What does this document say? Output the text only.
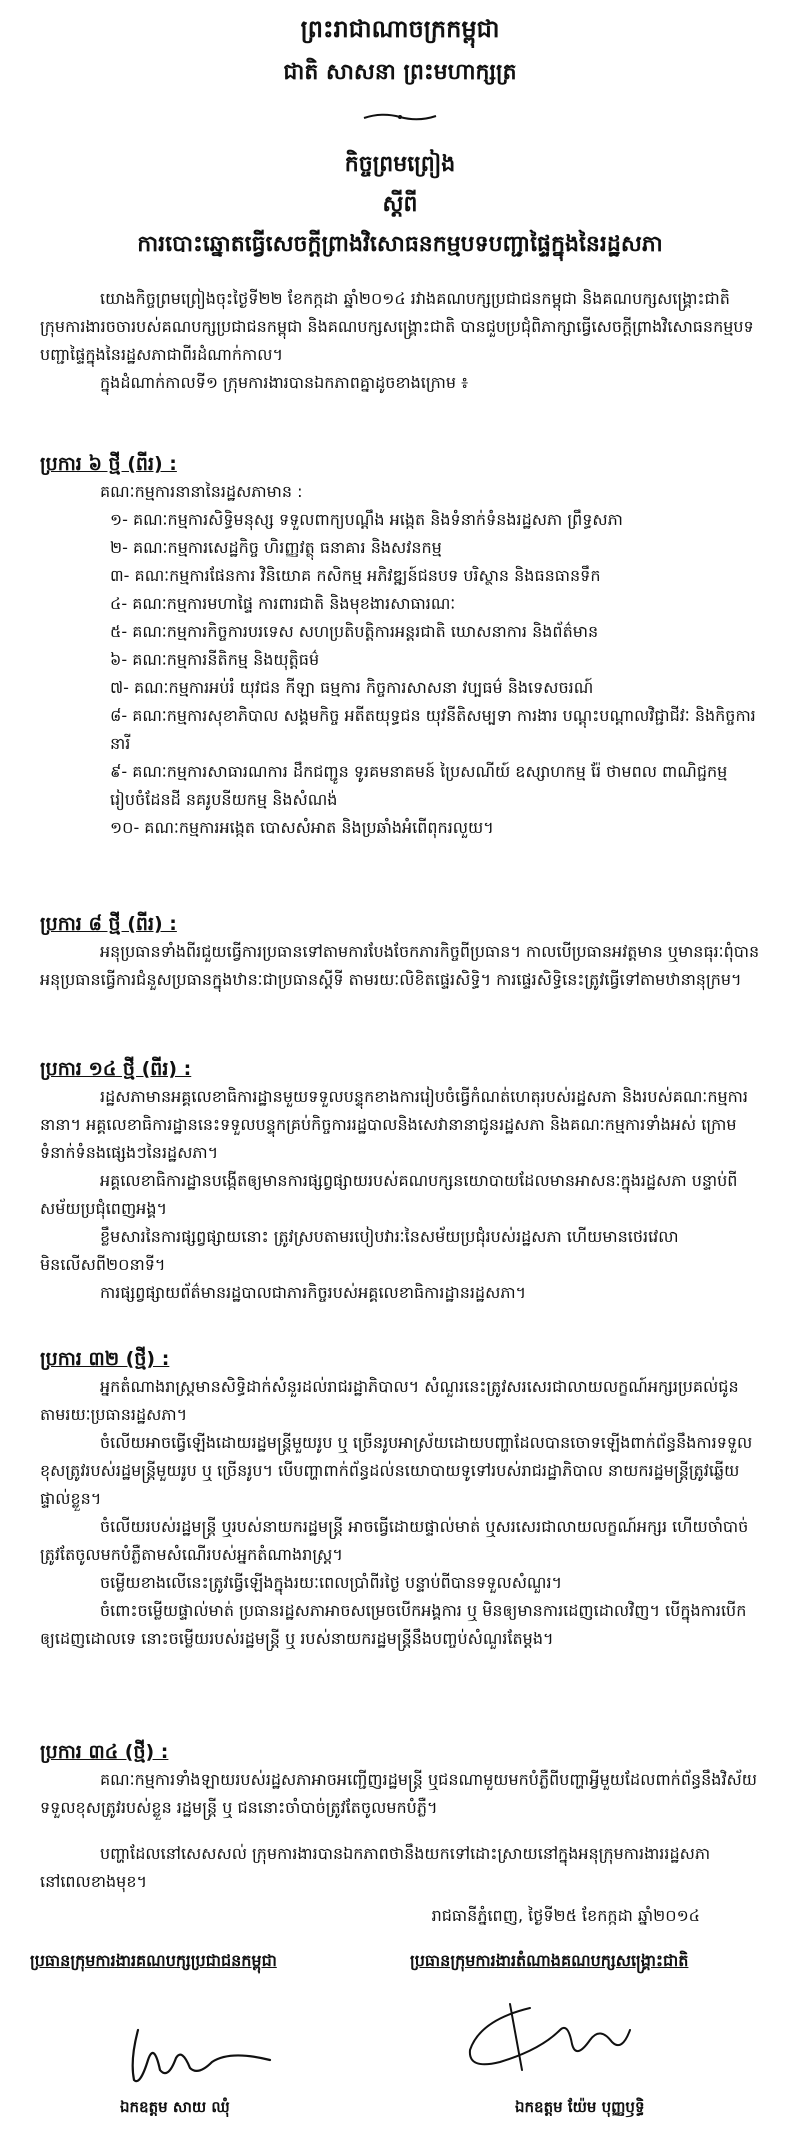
ព្រះរាជាណាចក្រកម្ពុជា
ជាតិ សាសនា ព្រះមហាក្សត្រ
កិច្ចព្រមព្រៀង
ស្តីពី
ការបោះឆ្នោតធ្វើសេចក្តីព្រាងវិសោធនកម្មបទបញ្ជាផ្ទៃក្នុងនៃរដ្ឋសភា

យោងកិច្ចព្រមព្រៀងចុះថ្ងៃទី២២ ខែកក្កដា ឆ្នាំ២០១៤ រវាងគណបក្សប្រជាជនកម្ពុជា និងគណបក្សសង្គ្រោះជាតិ ក្រុមការងារចចារបស់គណបក្សប្រជាជនកម្ពុជា និងគណបក្សសង្គ្រោះជាតិ បានជួបប្រជុំពិភាក្សាធ្វើសេចក្តីព្រាងវិសោធនកម្មបទបញ្ជាផ្ទៃក្នុងនៃរដ្ឋសភាជាពីរដំណាក់កាល។

ក្នុងដំណាក់កាលទី១ ក្រុមការងារបានឯកភាពគ្នាដូចខាងក្រោម ៖

ប្រការ ៦ ថ្មី (ពីរ) :

គណៈកម្មការនានានៃរដ្ឋសភាមាន :

១- គណៈកម្មការសិទ្ធិមនុស្ស ទទួលពាក្យបណ្តឹង អង្កេត និងទំនាក់ទំនងរដ្ឋសភា ព្រឹទ្ធសភា

២- គណៈកម្មការសេដ្ឋកិច្ច ហិរញ្ញវត្ថុ ធនាគារ និងសវនកម្ម

៣- គណៈកម្មការផែនការ វិនិយោគ កសិកម្ម អភិវឌ្ឍន៍ជនបទ បរិស្ថាន និងធនធានទឹក

៤- គណៈកម្មការមហាផ្ទៃ ការពារជាតិ និងមុខងារសាធារណៈ

៥- គណៈកម្មការកិច្ចការបរទេស សហប្រតិបត្តិការអន្តរជាតិ ឃោសនាការ និងព័ត៌មាន

៦- គណៈកម្មការនីតិកម្ម និងយុត្តិធម៌

៧- គណៈកម្មការអប់រំ យុវជន កីឡា ធម្មការ កិច្ចការសាសនា វប្បធម៌ និងទេសចរណ៍

៨- គណៈកម្មការសុខាភិបាល សង្គមកិច្ច អតីតយុទ្ធជន យុវនីតិសម្បទា ការងារ បណ្តុះបណ្តាលវិជ្ជាជីវៈ និងកិច្ចការនារី

៩- គណៈកម្មការសាធារណការ ដឹកជញ្ជូន ទូរគមនាគមន៍ ប្រៃសណីយ៍ ឧស្សាហកម្ម រ៉ែ ថាមពល ពាណិជ្ជកម្ម រៀបចំដែនដី នគរូបនីយកម្ម និងសំណង់

១០- គណៈកម្មការអង្កេត បោសសំអាត និងប្រឆាំងអំពើពុករលួយ។

ប្រការ ៨ ថ្មី (ពីរ) :

អនុប្រធានទាំងពីរជួយធ្វើការប្រធានទៅតាមការបែងចែកភារកិច្ចពីប្រធាន។ កាលបើប្រធានអវត្តមាន ឬមានធុរៈពុំបាន អនុប្រធានធ្វើការជំនួសប្រធានក្នុងឋានៈជាប្រធានស្តីទី តាមរយៈលិខិតផ្ទេរសិទ្ធិ។ ការផ្ទេរសិទ្ធិនេះត្រូវធ្វើទៅតាមឋានានុក្រម។

ប្រការ ១៤ ថ្មី (ពីរ) :

រដ្ឋសភាមានអគ្គលេខាធិការដ្ឋានមួយទទួលបន្ទុកខាងការរៀបចំធ្វើកំណត់ហេតុរបស់រដ្ឋសភា និងរបស់គណៈកម្មការនានា។ អគ្គលេខាធិការដ្ឋាននេះទទួលបន្ទុកគ្រប់កិច្ចការរដ្ឋបាលនិងសេវានានាជូនរដ្ឋសភា និងគណៈកម្មការទាំងអស់ ក្រោមទំនាក់ទំនងផ្សេងៗនៃរដ្ឋសភា។

អគ្គលេខាធិការដ្ឋានបង្កើតឲ្យមានការផ្សព្វផ្សាយរបស់គណបក្សនយោបាយដែលមានអាសនៈក្នុងរដ្ឋសភា បន្ទាប់ពីសម័យប្រជុំពេញអង្គ។

ខ្លឹមសារនៃការផ្សព្វផ្សាយនោះ ត្រូវស្របតាមរបៀបវារៈនៃសម័យប្រជុំរបស់រដ្ឋសភា ហើយមានថេរវេលា មិនលើសពី២០នាទី។

ការផ្សព្វផ្សាយព័ត៌មានរដ្ឋបាលជាភារកិច្ចរបស់អគ្គលេខាធិការដ្ឋានរដ្ឋសភា។

ប្រការ ៣២ (ថ្មី) :

អ្នកតំណាងរាស្ត្រមានសិទ្ធិដាក់សំនួរដល់រាជរដ្ឋាភិបាល។ សំណួរនេះត្រូវសរសេរជាលាយលក្ខណ៍អក្សរប្រគល់ជូនតាមរយៈប្រធានរដ្ឋសភា។

ចំលើយអាចធ្វើឡើងដោយរដ្ឋមន្ត្រីមួយរូប ឬ ច្រើនរូបអាស្រ័យដោយបញ្ហាដែលបានចោទឡើងពាក់ព័ន្ធនឹងការទទួលខុសត្រូវរបស់រដ្ឋមន្ត្រីមួយរូប ឬ ច្រើនរូប។ បើបញ្ហាពាក់ព័ន្ធដល់នយោបាយទូទៅរបស់រាជរដ្ឋាភិបាល នាយករដ្ឋមន្ត្រីត្រូវឆ្លើយផ្ទាល់ខ្លួន។

ចំលើយរបស់រដ្ឋមន្ត្រី ឬរបស់នាយករដ្ឋមន្ត្រី អាចធ្វើដោយផ្ទាល់មាត់ ឬសរសេរជាលាយលក្ខណ៍អក្សរ ហើយចាំបាច់ត្រូវតែចូលមកបំភ្លឺតាមសំណើរបស់អ្នកតំណាងរាស្ត្រ។

ចម្លើយខាងលើនេះត្រូវធ្វើឡើងក្នុងរយៈពេលប្រាំពីរថ្ងៃ បន្ទាប់ពីបានទទួលសំណួរ។

ចំពោះចម្លើយផ្ទាល់មាត់ ប្រធានរដ្ឋសភាអាចសម្រេចបើកអង្គការ ឬ មិនឲ្យមានការដេញដោលវិញ។ បើក្នុងការបើកឲ្យដេញដោលទេ នោះចម្លើយរបស់រដ្ឋមន្ត្រី ឬ របស់នាយករដ្ឋមន្ត្រីនឹងបញ្ចប់សំណួរតែម្តង។

ប្រការ ៣៤ (ថ្មី) :

គណៈកម្មការទាំងឡាយរបស់រដ្ឋសភាអាចអញ្ជើញរដ្ឋមន្ត្រី ឬជនណាមួយមកបំភ្លឺពីបញ្ហាអ្វីមួយដែលពាក់ព័ន្ធនឹងវិស័យទទួលខុសត្រូវរបស់ខ្លួន រដ្ឋមន្ត្រី ឬ ជននោះចាំបាច់ត្រូវតែចូលមកបំភ្លឺ។

បញ្ហាដែលនៅសេសសល់ ក្រុមការងារបានឯកភាពថានឹងយកទៅដោះស្រាយនៅក្នុងអនុក្រុមការងាររដ្ឋសភានៅពេលខាងមុខ។

រាជធានីភ្នំពេញ, ថ្ងៃទី២៥ ខែកក្កដា ឆ្នាំ២០១៤

ប្រធានក្រុមការងារគណបក្សប្រជាជនកម្ពុជា	ប្រធានក្រុមការងារតំណាងគណបក្សសង្គ្រោះជាតិ
ឯកឧត្តម សាយ ឈុំ	ឯកឧត្តម យ៉ែម បុញ្ញឫទ្ធិ
